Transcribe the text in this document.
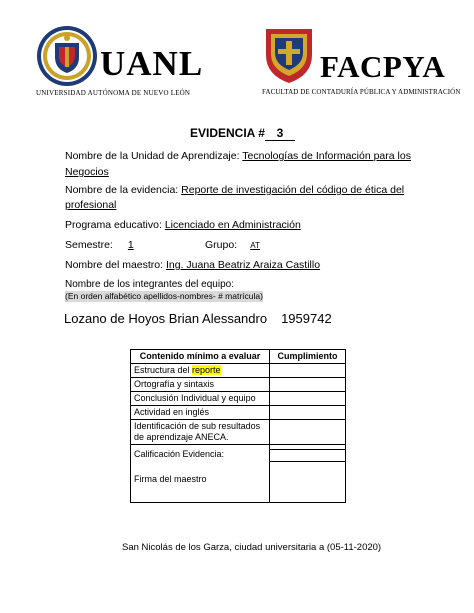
UANL
UNIVERSIDAD AUTÓNOMA DE NUEVO LEÓN
FACPYA
FACULTAD DE CONTADURÍA PÚBLICA Y ADMINISTRACIÓN
EVIDENCIA # 3
Nombre de la Unidad de Aprendizaje: Tecnologías de Información para los
Negocios
Nombre de la evidencia: Reporte de investigación del código de ética del
profesional
Programa educativo: Licenciado en Administración
Semestre: 1	Grupo: AT
Nombre del maestro: Ing. Juana Beatriz Araiza Castillo
Nombre de los integrantes del equipo:
(En orden alfabético apellidos-nombres- # matrícula)
Lozano de Hoyos Brian Alessandro 1959742
Contenido mínimo a evaluar	Cumplimiento
Estructura del reporte	
Ortografía y sintaxis	
Conclusión Individual y equipo	
Actividad en inglés	

Identificación de sub resultados
de aprendizaje ANECA.	

Calificación Evidencia:
Firma del maestro	

San Nicolás de los Garza, ciudad universitaria a (05-11-2020)
